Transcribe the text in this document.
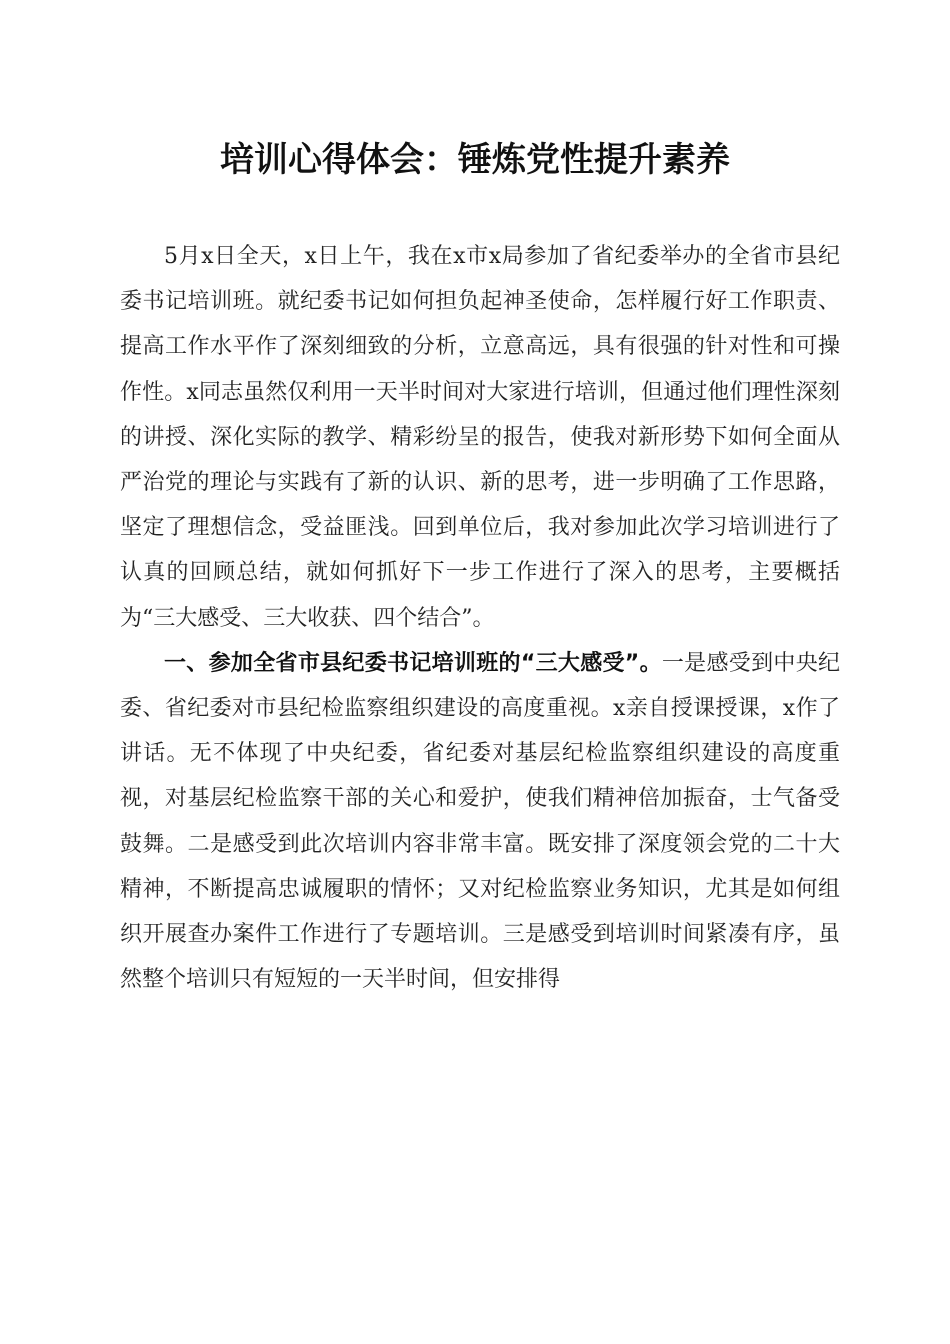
培训心得体会：锤炼党性提升素养

5月x日全天，x日上午，我在x市x局参加了省纪委举办的全省市县纪委书记培训班。就纪委书记如何担负起神圣使命，怎样履行好工作职责、提高工作水平作了深刻细致的分析，立意高远，具有很强的针对性和可操作性。x同志虽然仅利用一天半时间对大家进行培训，但通过他们理性深刻的讲授、深化实际的教学、精彩纷呈的报告，使我对新形势下如何全面从严治党的理论与实践有了新的认识、新的思考，进一步明确了工作思路，坚定了理想信念，受益匪浅。回到单位后，我对参加此次学习培训进行了认真的回顾总结，就如何抓好下一步工作进行了深入的思考，主要概括为“三大感受、三大收获、四个结合”。

一、参加全省市县纪委书记培训班的“三大感受”。一是感受到中央纪委、省纪委对市县纪检监察组织建设的高度重视。x亲自授课授课，x作了讲话。无不体现了中央纪委，省纪委对基层纪检监察组织建设的高度重视，对基层纪检监察干部的关心和爱护，使我们精神倍加振奋，士气备受鼓舞。二是感受到此次培训内容非常丰富。既安排了深度领会党的二十大精神，不断提高忠诚履职的情怀；又对纪检监察业务知识，尤其是如何组织开展查办案件工作进行了专题培训。三是感受到培训时间紧凑有序，虽然整个培训只有短短的一天半时间，但安排得
